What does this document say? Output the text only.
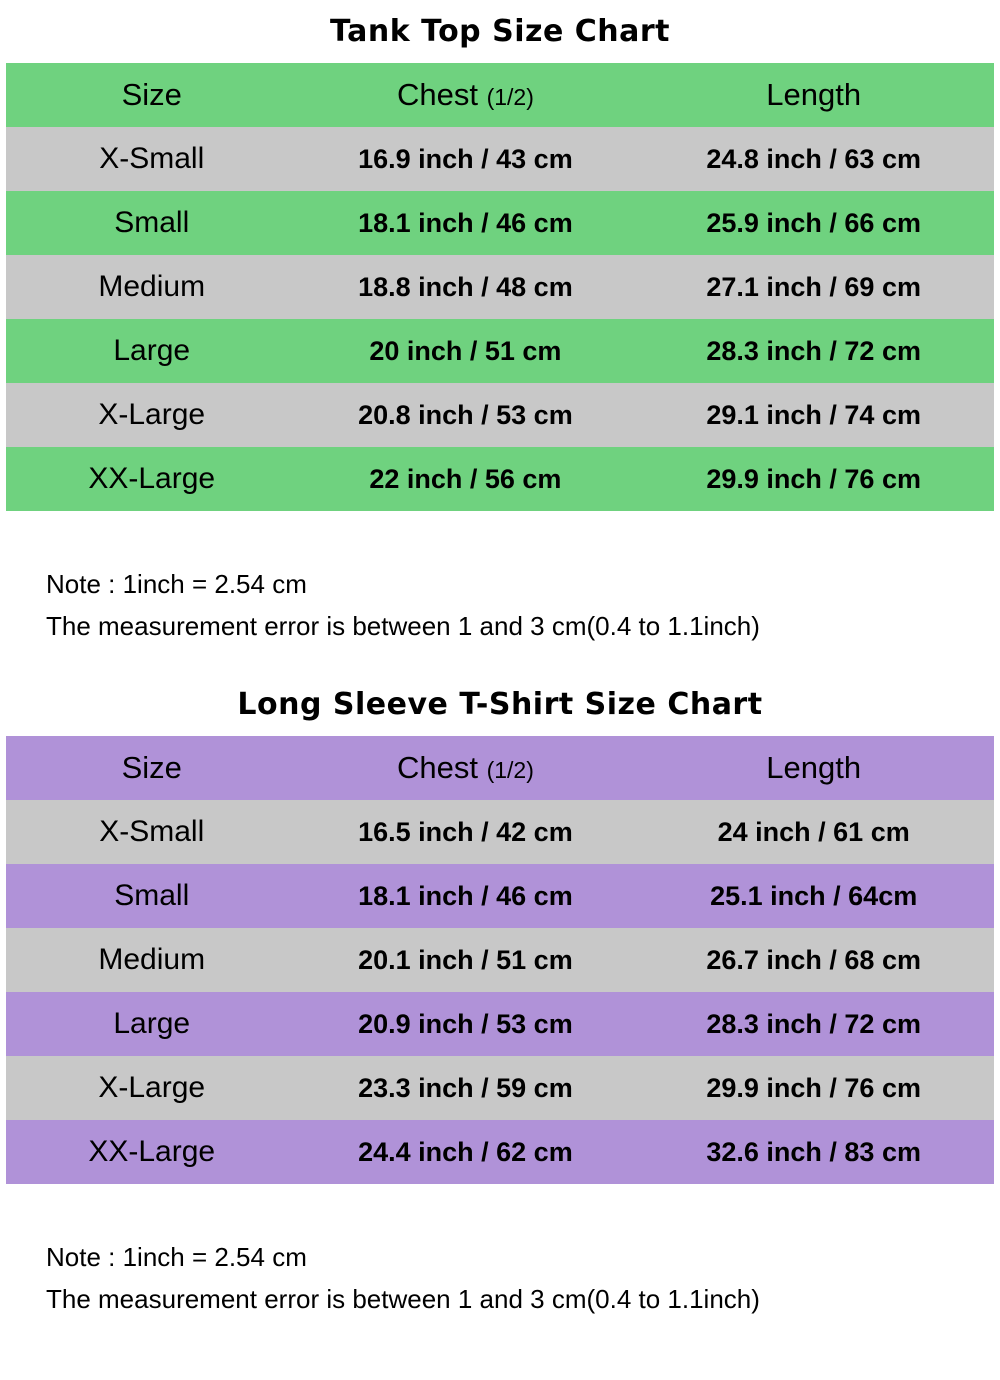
Tank Top Size Chart
Size	Chest (1/2)	Length
X-Small	16.9 inch / 43 cm	24.8 inch / 63 cm
Small	18.1 inch / 46 cm	25.9 inch / 66 cm
Medium	18.8 inch / 48 cm	27.1 inch / 69 cm
Large	20 inch / 51 cm	28.3 inch / 72 cm
X-Large	20.8 inch / 53 cm	29.1 inch / 74 cm
XX-Large	22 inch / 56 cm	29.9 inch / 76 cm

Note : 1inch = 2.54 cm

The measurement error is between 1 and 3 cm(0.4 to 1.1inch)

Long Sleeve T-Shirt Size Chart
Size	Chest (1/2)	Length
X-Small	16.5 inch / 42 cm	24 inch / 61 cm
Small	18.1 inch / 46 cm	25.1 inch / 64cm
Medium	20.1 inch / 51 cm	26.7 inch / 68 cm
Large	20.9 inch / 53 cm	28.3 inch / 72 cm
X-Large	23.3 inch / 59 cm	29.9 inch / 76 cm
XX-Large	24.4 inch / 62 cm	32.6 inch / 83 cm

Note : 1inch = 2.54 cm

The measurement error is between 1 and 3 cm(0.4 to 1.1inch)
